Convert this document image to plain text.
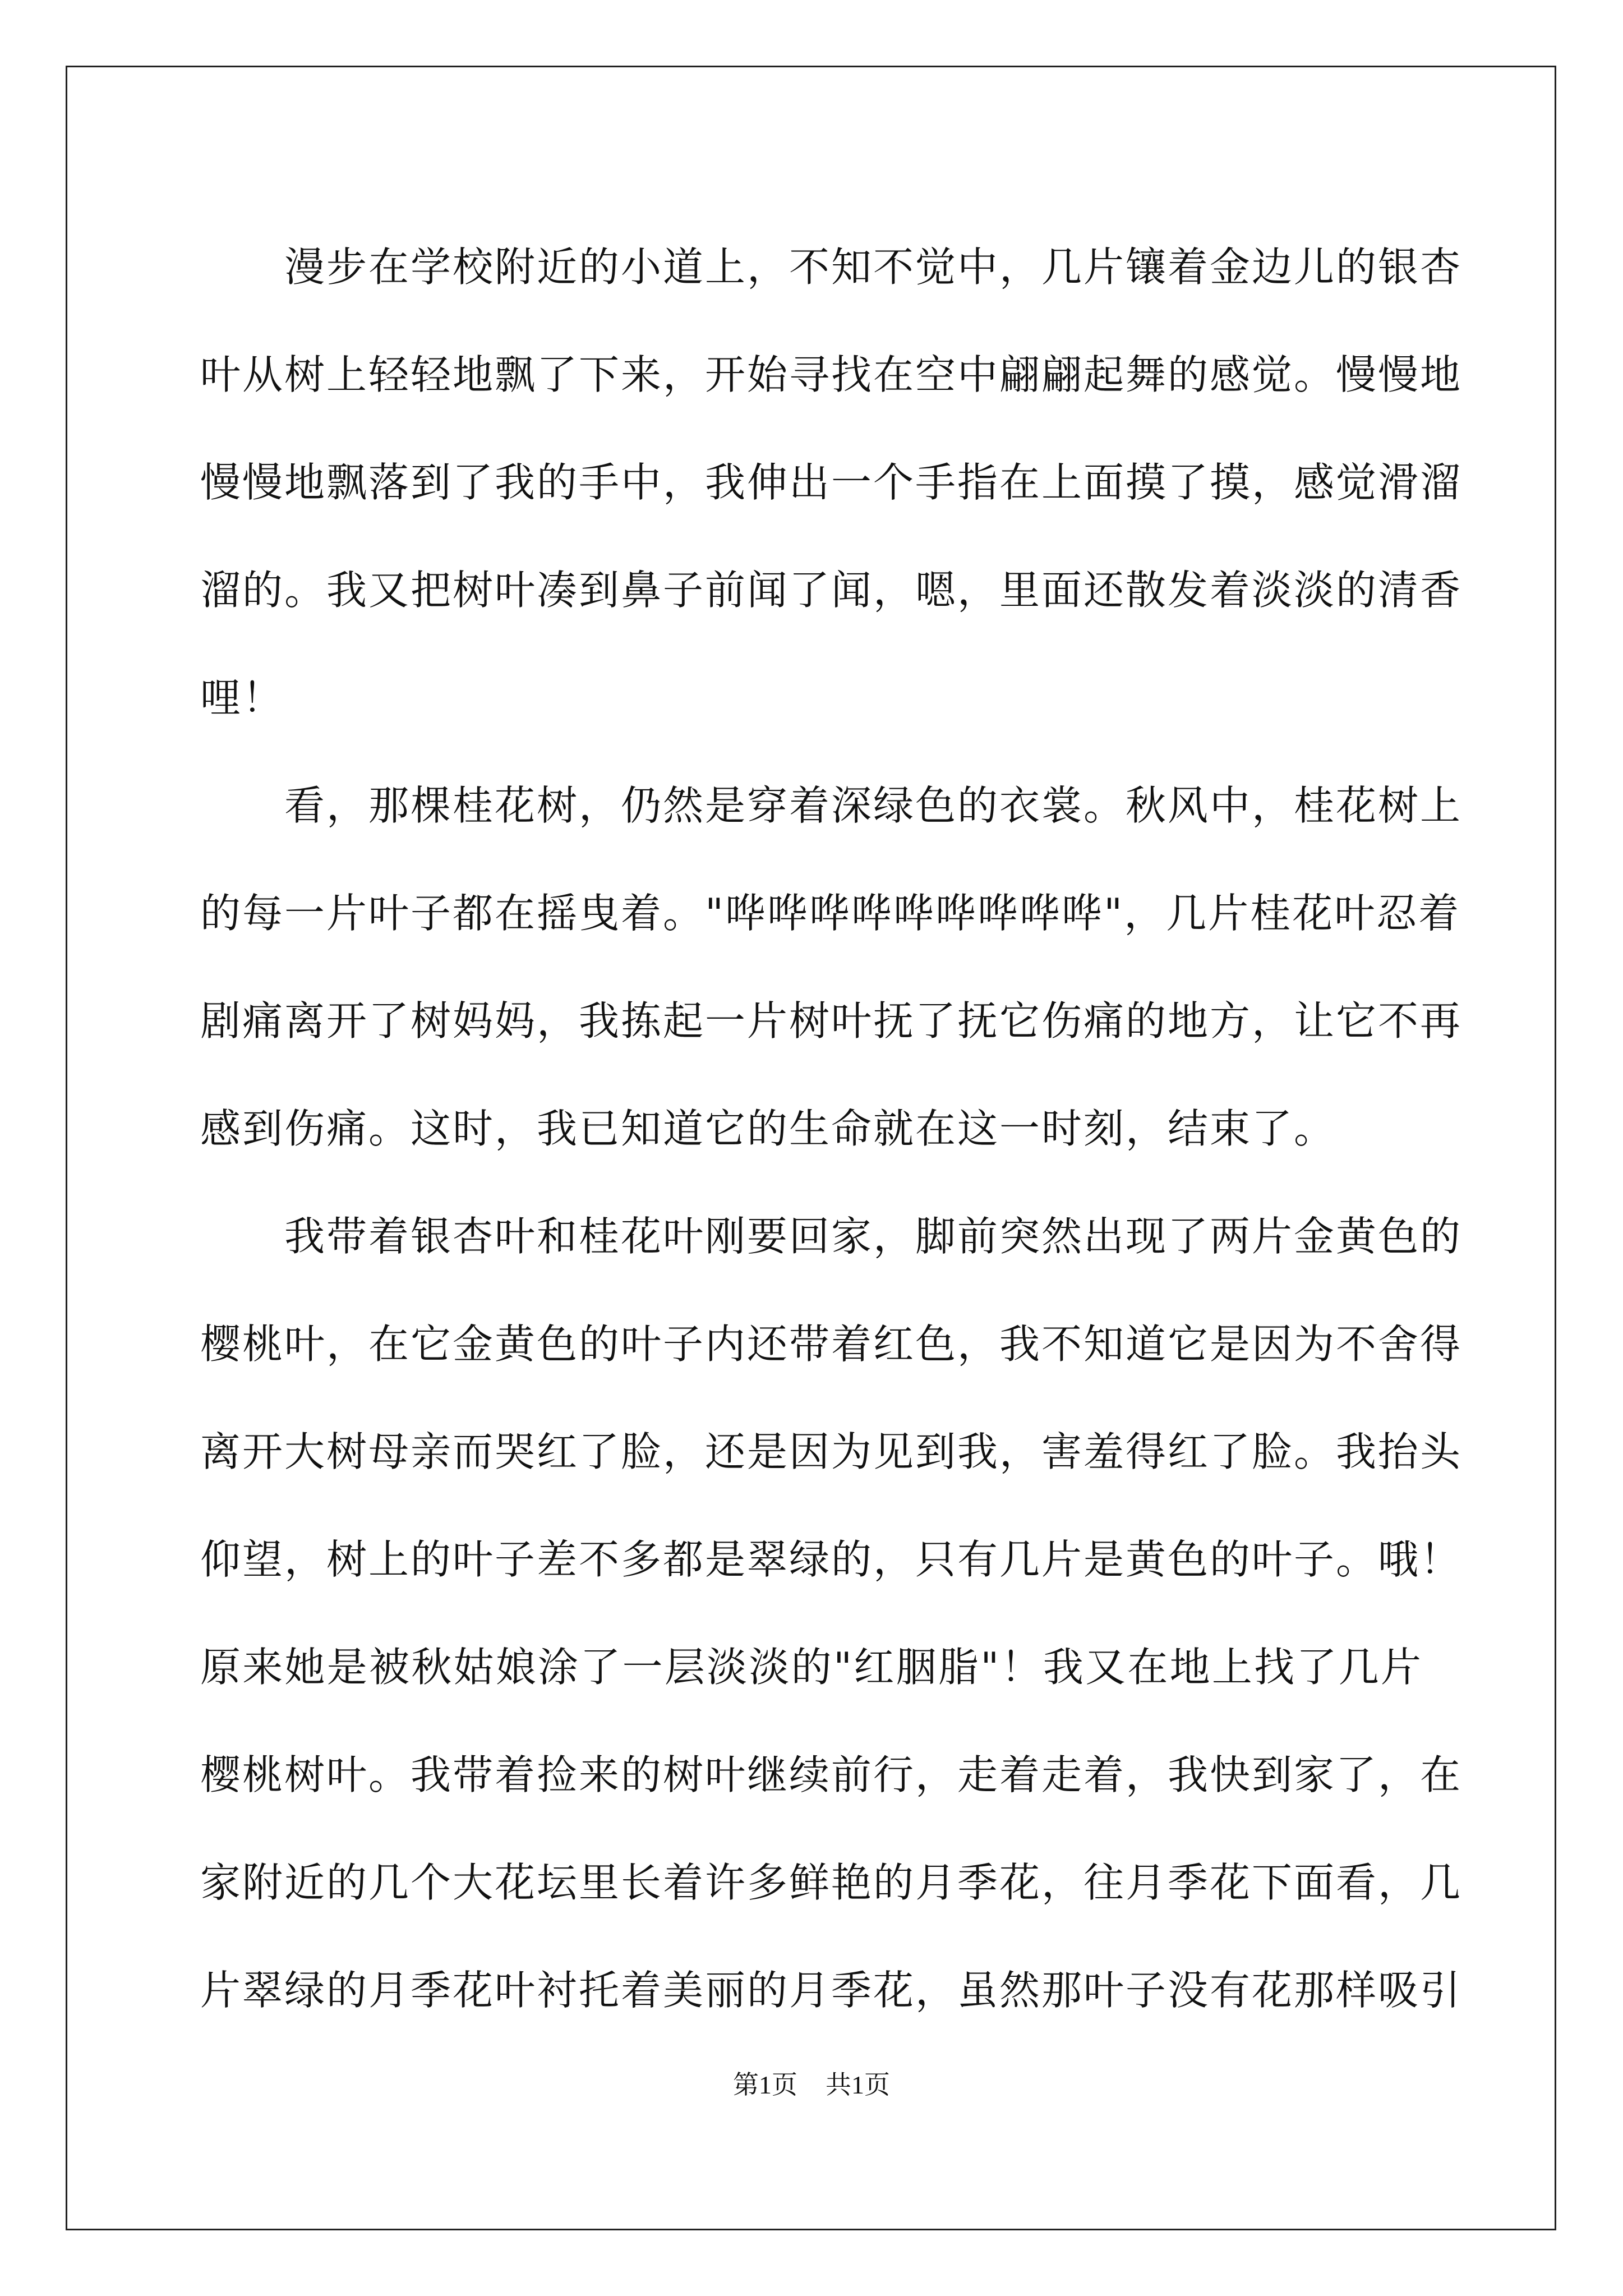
漫步在学校附近的小道上，不知不觉中，几片镶着金边儿的银杏
叶从树上轻轻地飘了下来，开始寻找在空中翩翩起舞的感觉。慢慢地
慢慢地飘落到了我的手中，我伸出一个手指在上面摸了摸，感觉滑溜
溜的。我又把树叶凑到鼻子前闻了闻，嗯，里面还散发着淡淡的清香
哩！
看，那棵桂花树，仍然是穿着深绿色的衣裳。秋风中，桂花树上
的每一片叶子都在摇曳着。"哗哗哗哗哗哗哗哗哗"，几片桂花叶忍着
剧痛离开了树妈妈，我拣起一片树叶抚了抚它伤痛的地方，让它不再
感到伤痛。这时，我已知道它的生命就在这一时刻，结束了。
我带着银杏叶和桂花叶刚要回家，脚前突然出现了两片金黄色的
樱桃叶，在它金黄色的叶子内还带着红色，我不知道它是因为不舍得
离开大树母亲而哭红了脸，还是因为见到我，害羞得红了脸。我抬头
仰望，树上的叶子差不多都是翠绿的，只有几片是黄色的叶子。哦！
原来她是被秋姑娘涂了一层淡淡的"红胭脂"！我又在地上找了几片
樱桃树叶。我带着捡来的树叶继续前行，走着走着，我快到家了，在
家附近的几个大花坛里长着许多鲜艳的月季花，往月季花下面看，几
片翠绿的月季花叶衬托着美丽的月季花，虽然那叶子没有花那样吸引
第1页 共1页
